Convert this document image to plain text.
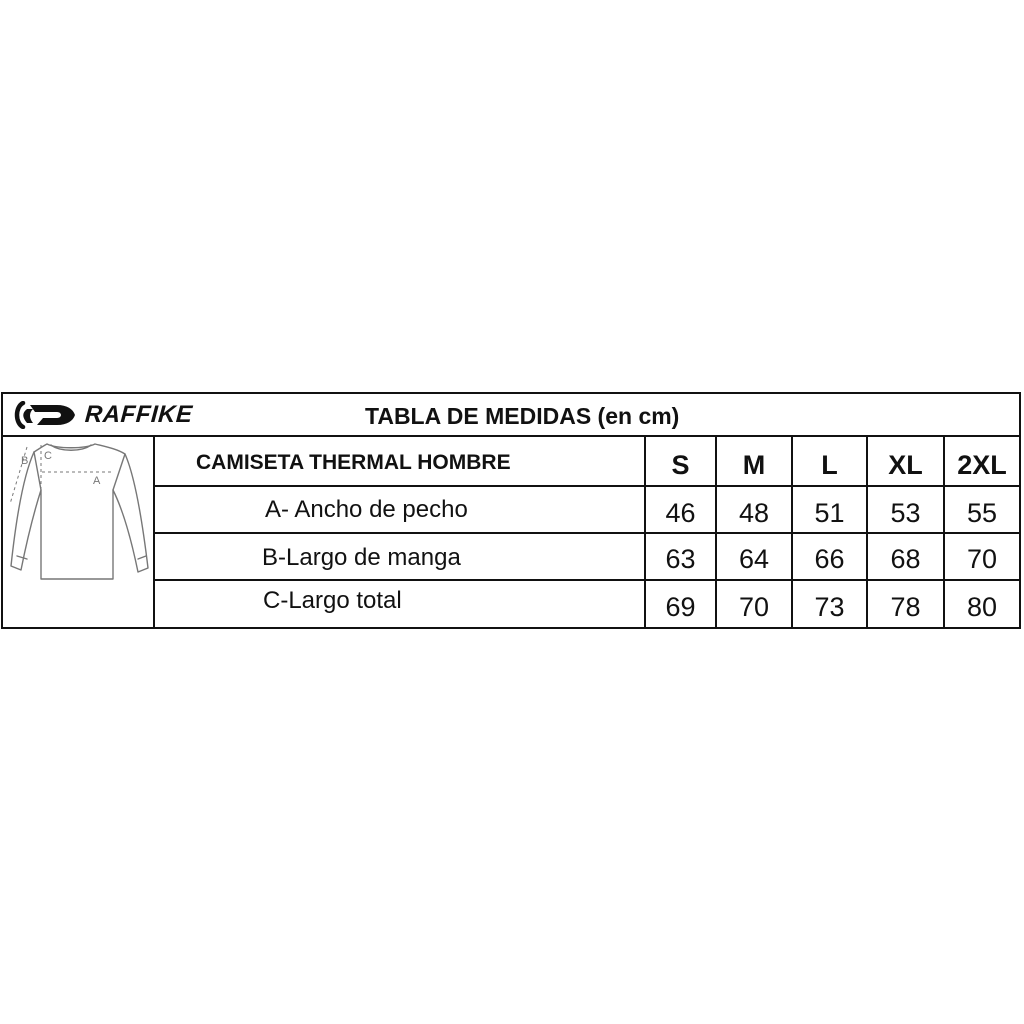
RAFFIKE	TABLA DE MEDIDAS (en cm)
A
B C	CAMISETA THERMAL HOMBRE	S	M	L	XL	2XL
A- Ancho de pecho	46	48	51	53	55
B-Largo de manga	63	64	66	68	70
C-Largo total	69	70	73	78	80
